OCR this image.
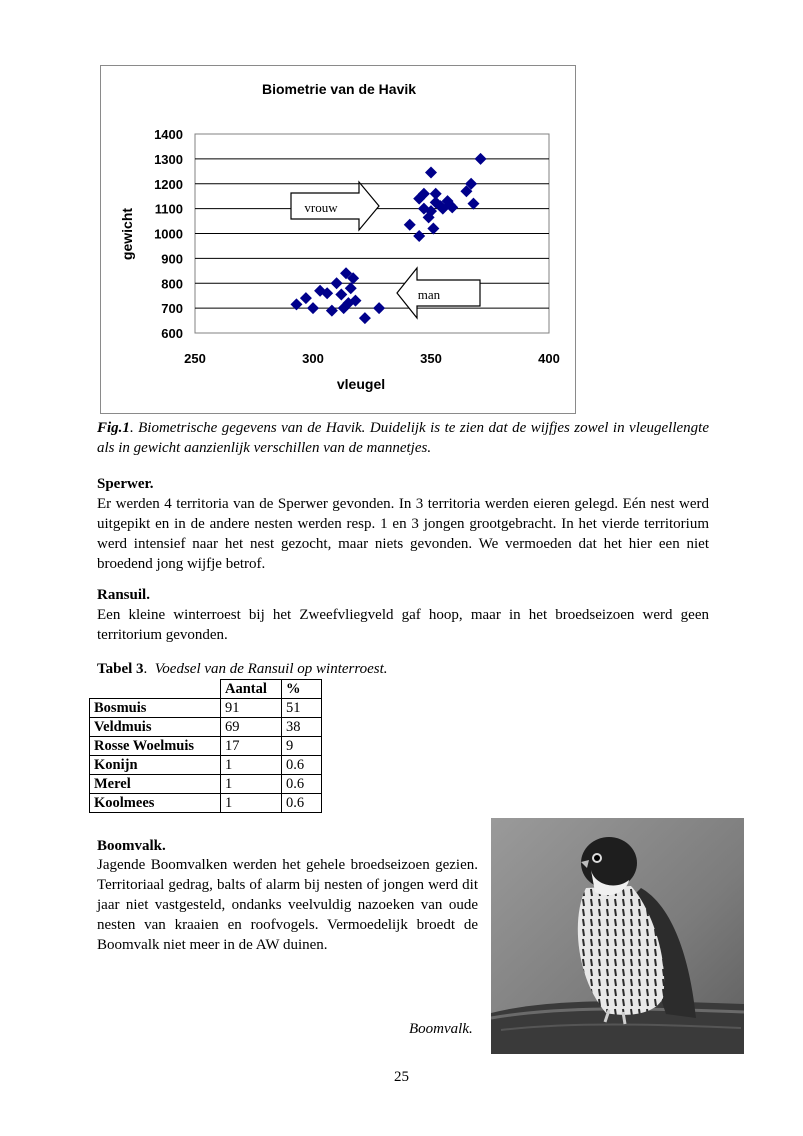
Biometrie van de Havik
600
700
800
900
1000
1100
1200
1300
1400
250	300	350	400
gewicht
vleugel
vrouw
man
Fig.1. Biometrische gegevens van de Havik. Duidelijk is te zien dat de wijfjes zowel in vleugellengte als in gewicht aanzienlijk verschillen van de mannetjes.
Sperwer.
Er werden 4 territoria van de Sperwer gevonden. In 3 territoria werden eieren gelegd. Eén nest werd uitgepikt en in de andere nesten werden resp. 1 en 3 jongen grootgebracht. In het vierde territorium werd intensief naar het nest gezocht, maar niets gevonden. We vermoeden dat het hier een niet broedend jong wijfje betrof.
Ransuil.
Een kleine winterroest bij het Zweefvliegveld gaf hoop, maar in het broedseizoen werd geen territorium gevonden.
Tabel 3.  Voedsel van de Ransuil op winterroest.
	Aantal	%
Bosmuis	91	51
Veldmuis	69	38
Rosse Woelmuis	17	9
Konijn	1	0.6
Merel	1	0.6
Koolmees	1	0.6
Boomvalk.
Jagende Boomvalken werden het gehele broedseizoen gezien. Territoriaal gedrag, balts of alarm bij nesten of jongen werd dit jaar niet vastgesteld, ondanks veelvuldig nazoeken van oude nesten van kraaien en roofvogels. Vermoedelijk broedt de Boomvalk niet meer in de AW duinen.
Boomvalk.
25
